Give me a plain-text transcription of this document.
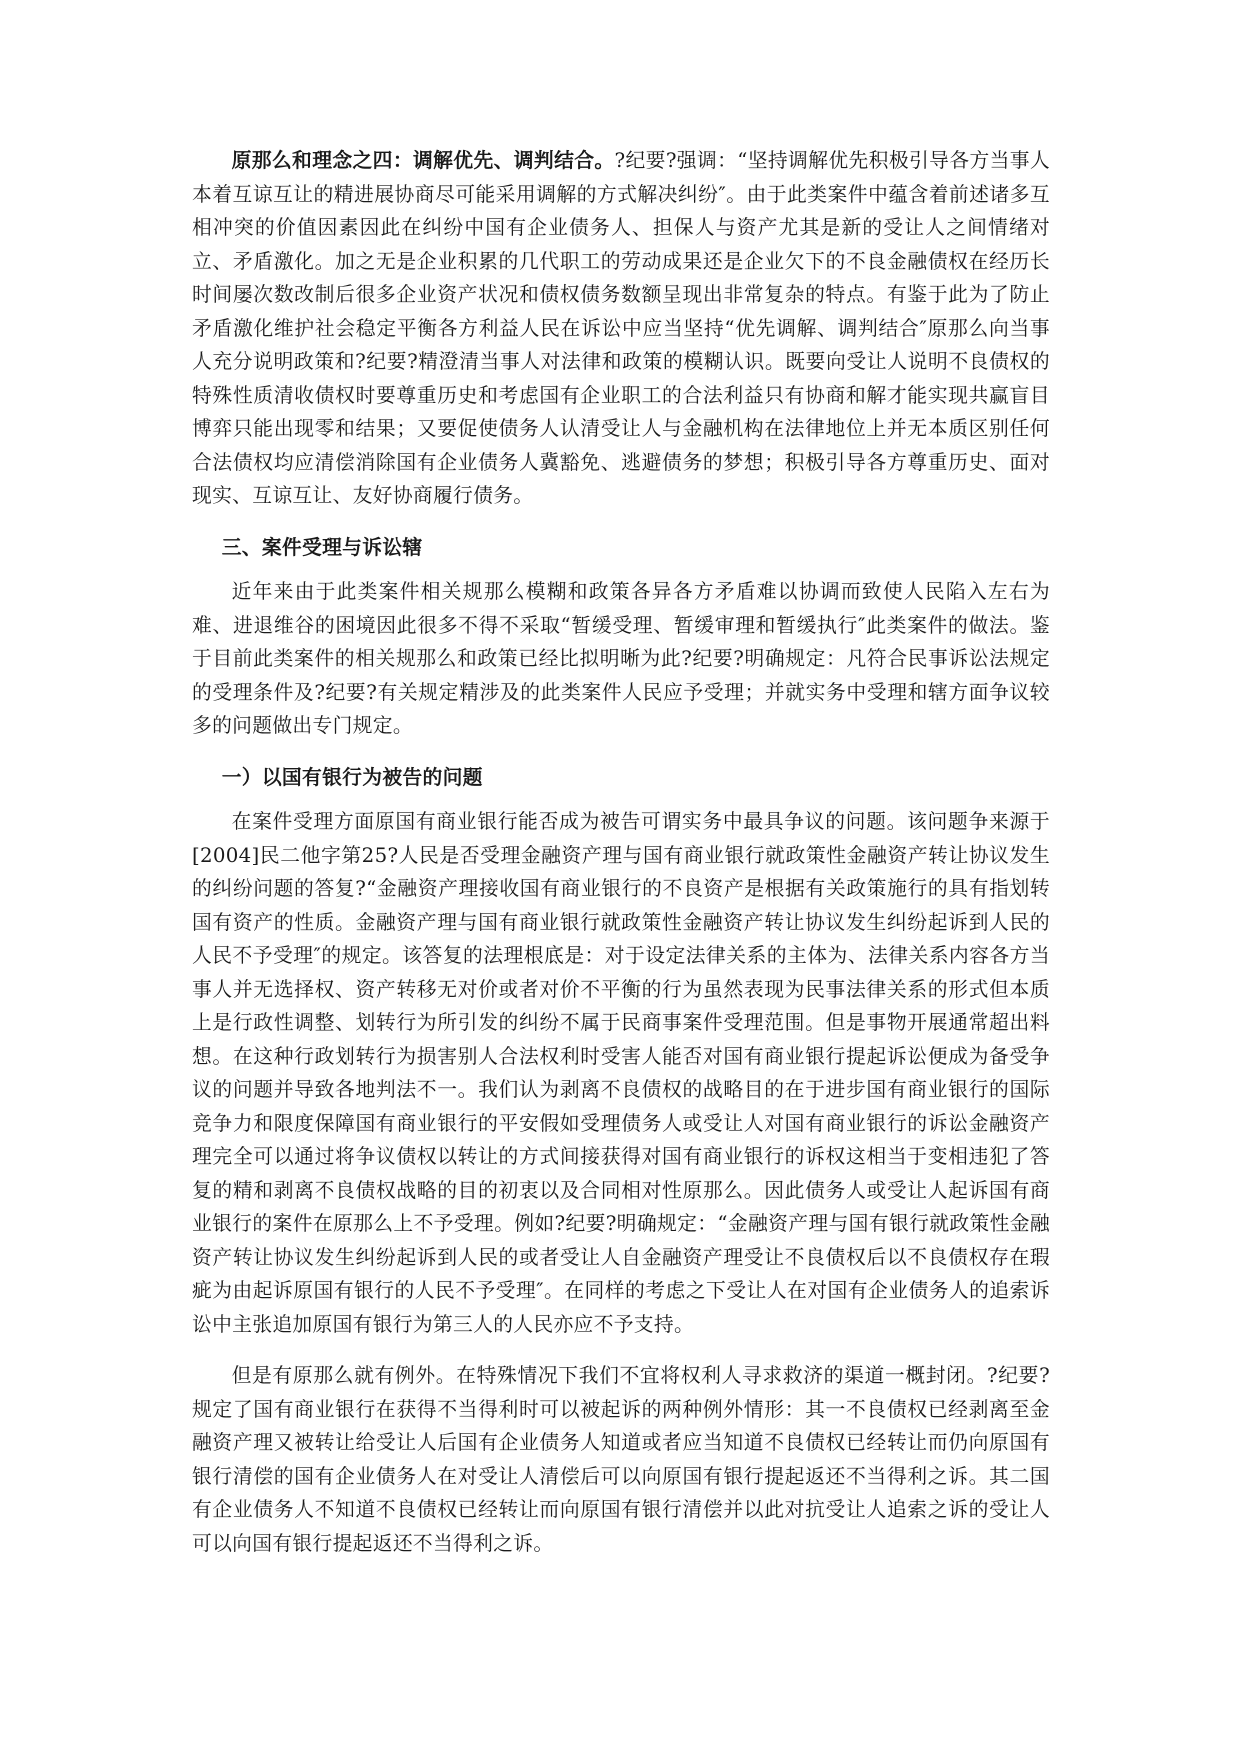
原那么和理念之四：调解优先、调判结合。?纪要?强调：“坚持调解优先积极引导各方当事人本着互谅互让的精进展协商尽可能采用调解的方式解决纠纷″。由于此类案件中蕴含着前述诸多互相冲突的价值因素因此在纠纷中国有企业债务人、担保人与资产尤其是新的受让人之间情绪对立、矛盾激化。加之无是企业积累的几代职工的劳动成果还是企业欠下的不良金融债权在经历长时间屡次数改制后很多企业资产状况和债权债务数额呈现出非常复杂的特点。有鉴于此为了防止矛盾激化维护社会稳定平衡各方利益人民在诉讼中应当坚持“优先调解、调判结合″原那么向当事人充分说明政策和?纪要?精澄清当事人对法律和政策的模糊认识。既要向受让人说明不良债权的特殊性质清收债权时要尊重历史和考虑国有企业职工的合法利益只有协商和解才能实现共赢盲目博弈只能出现零和结果；又要促使债务人认清受让人与金融机构在法律地位上并无本质区别任何合法债权均应清偿消除国有企业债务人冀豁免、逃避债务的梦想；积极引导各方尊重历史、面对现实、互谅互让、友好协商履行债务。

三、案件受理与诉讼辖

近年来由于此类案件相关规那么模糊和政策各异各方矛盾难以协调而致使人民陷入左右为难、进退维谷的困境因此很多不得不采取“暂缓受理、暂缓审理和暂缓执行″此类案件的做法。鉴于目前此类案件的相关规那么和政策已经比拟明晰为此?纪要?明确规定：凡符合民事诉讼法规定的受理条件及?纪要?有关规定精涉及的此类案件人民应予受理；并就实务中受理和辖方面争议较多的问题做出专门规定。

一）以国有银行为被告的问题

在案件受理方面原国有商业银行能否成为被告可谓实务中最具争议的问题。该问题争来源于[2004]民二他字第25?人民是否受理金融资产理与国有商业银行就政策性金融资产转让协议发生的纠纷问题的答复?“金融资产理接收国有商业银行的不良资产是根据有关政策施行的具有指划转国有资产的性质。金融资产理与国有商业银行就政策性金融资产转让协议发生纠纷起诉到人民的人民不予受理″的规定。该答复的法理根底是：对于设定法律关系的主体为、法律关系内容各方当事人并无选择权、资产转移无对价或者对价不平衡的行为虽然表现为民事法律关系的形式但本质上是行政性调整、划转行为所引发的纠纷不属于民商事案件受理范围。但是事物开展通常超出料想。在这种行政划转行为损害别人合法权利时受害人能否对国有商业银行提起诉讼便成为备受争议的问题并导致各地判法不一。我们认为剥离不良债权的战略目的在于进步国有商业银行的国际竞争力和限度保障国有商业银行的平安假如受理债务人或受让人对国有商业银行的诉讼金融资产理完全可以通过将争议债权以转让的方式间接获得对国有商业银行的诉权这相当于变相违犯了答复的精和剥离不良债权战略的目的初衷以及合同相对性原那么。因此债务人或受让人起诉国有商业银行的案件在原那么上不予受理。例如?纪要?明确规定：“金融资产理与国有银行就政策性金融资产转让协议发生纠纷起诉到人民的或者受让人自金融资产理受让不良债权后以不良债权存在瑕疵为由起诉原国有银行的人民不予受理″。在同样的考虑之下受让人在对国有企业债务人的追索诉讼中主张追加原国有银行为第三人的人民亦应不予支持。

但是有原那么就有例外。在特殊情况下我们不宜将权利人寻求救济的渠道一概封闭。?纪要?规定了国有商业银行在获得不当得利时可以被起诉的两种例外情形：其一不良债权已经剥离至金融资产理又被转让给受让人后国有企业债务人知道或者应当知道不良债权已经转让而仍向原国有银行清偿的国有企业债务人在对受让人清偿后可以向原国有银行提起返还不当得利之诉。其二国有企业债务人不知道不良债权已经转让而向原国有银行清偿并以此对抗受让人追索之诉的受让人可以向国有银行提起返还不当得利之诉。
